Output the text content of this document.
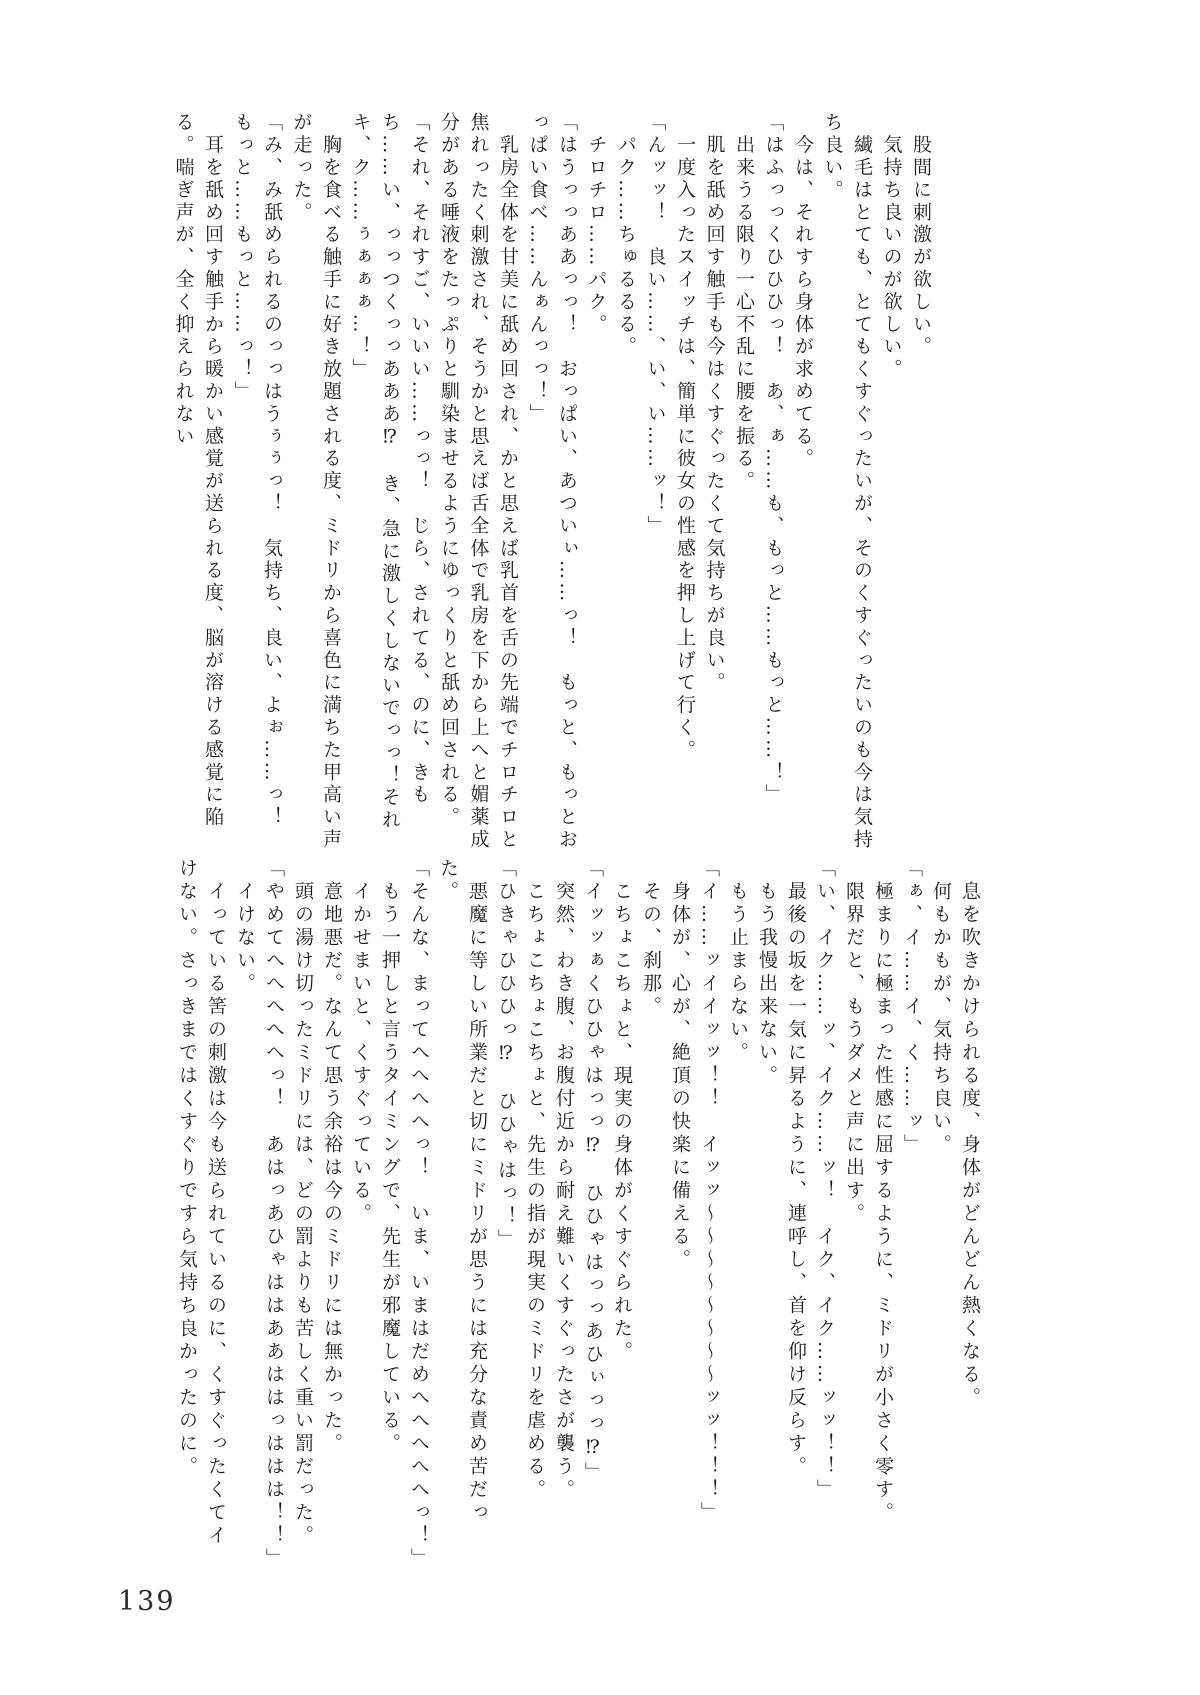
　股間に刺激が欲しい。

　気持ち良いのが欲しい。

　繊毛はとても、とてもくすぐったいが、そのくすぐったいのも今は気持ち良い。

　今は、それすら身体が求めてる。

「はふっっくひひひっ！　あ、ぁ……も、もっと……もっと……！」

　出来うる限り一心不乱に腰を振る。

　肌を舐め回す触手も今はくすぐったくて気持ちが良い。

　一度入ったスイッチは、簡単に彼女の性感を押し上げて行く。

「んッッ！　良い……、い、い……ッ！」

　パク……ちゅるるる。

　チロチロ……パク。

「はうっっああっっ！　おっぱい、あついぃ……っ！　もっと、もっとおっぱい食べ……んぁんっっ！」

　乳房全体を甘美に舐め回され、かと思えば乳首を舌の先端でチロチロと焦れったく刺激され、そうかと思えば舌全体で乳房を下から上へと媚薬成分がある唾液をたっぷりと馴染ませるようにゆっくりと舐め回される。

「それ、それすご、いいい……っっ！　じら、されてる、のに、きもち……い、っっつくっっあああ⁉　き、急に激しくしないでっっ！それキ、ク……ぅぁぁぁ…！」

　胸を食べる触手に好き放題される度、ミドリから喜色に満ちた甲高い声が走った。

「み、み舐められるのっっはうぅぅっ！　気持ち、良い、よぉ……っ！　もっと……もっと……っ！」

　耳を舐め回す触手から暖かい感覚が送られる度、脳が溶ける感覚に陥る。喘ぎ声が、全く抑えられない

　息を吹きかけられる度、身体がどんどん熱くなる。

　何もかもが、気持ち良い。

「ぁ、イ……イ、く……ッ」

　極まりに極まった性感に屈するように、ミドリが小さく零す。

　限界だと、もうダメと声に出す。

「い、イク……ッ、イク……ッ！　イク、イク……ッッ！！」

　最後の坂を一気に昇るように、連呼し、首を仰け反らす。

　もう我慢出来ない。

　もう止まらない。

「イ……ッイイッッ！！　イッッ〜〜〜〜〜〜〜〜ッッ！！！」

　身体が、心が、絶頂の快楽に備える。

　その、刹那。

　こちょこちょと、現実の身体がくすぐられた。

「イッッぁくひひゃはっっ⁉　ひひゃはっっあひぃっっ⁉」

　突然、わき腹、お腹付近から耐え難いくすぐったさが襲う。

　こちょこちょこちょと、先生の指が現実のミドリを虐める。

「ひきゃひひひっ⁉　ひひゃはっ！」

　悪魔に等しい所業だと切にミドリが思うには充分な責め苦だった。

「そんな、まってへへへへっ！　いま、いまはだめへへへへへっ！」

　もう一押しと言うタイミングで、先生が邪魔している。

　イかせまいと、くすぐっている。

　意地悪だ。なんて思う余裕は今のミドリには無かった。

　頭の湯け切ったミドリには、どの罰よりも苦しく重い罰だった。

「やめてへへへへへっ！　あはっあひゃははああははっははは！！」

　イけない。

　イっている筈の刺激は今も送られているのに、くすぐったくてイけない。さっきまではくすぐりですら気持ち良かったのに。

139
